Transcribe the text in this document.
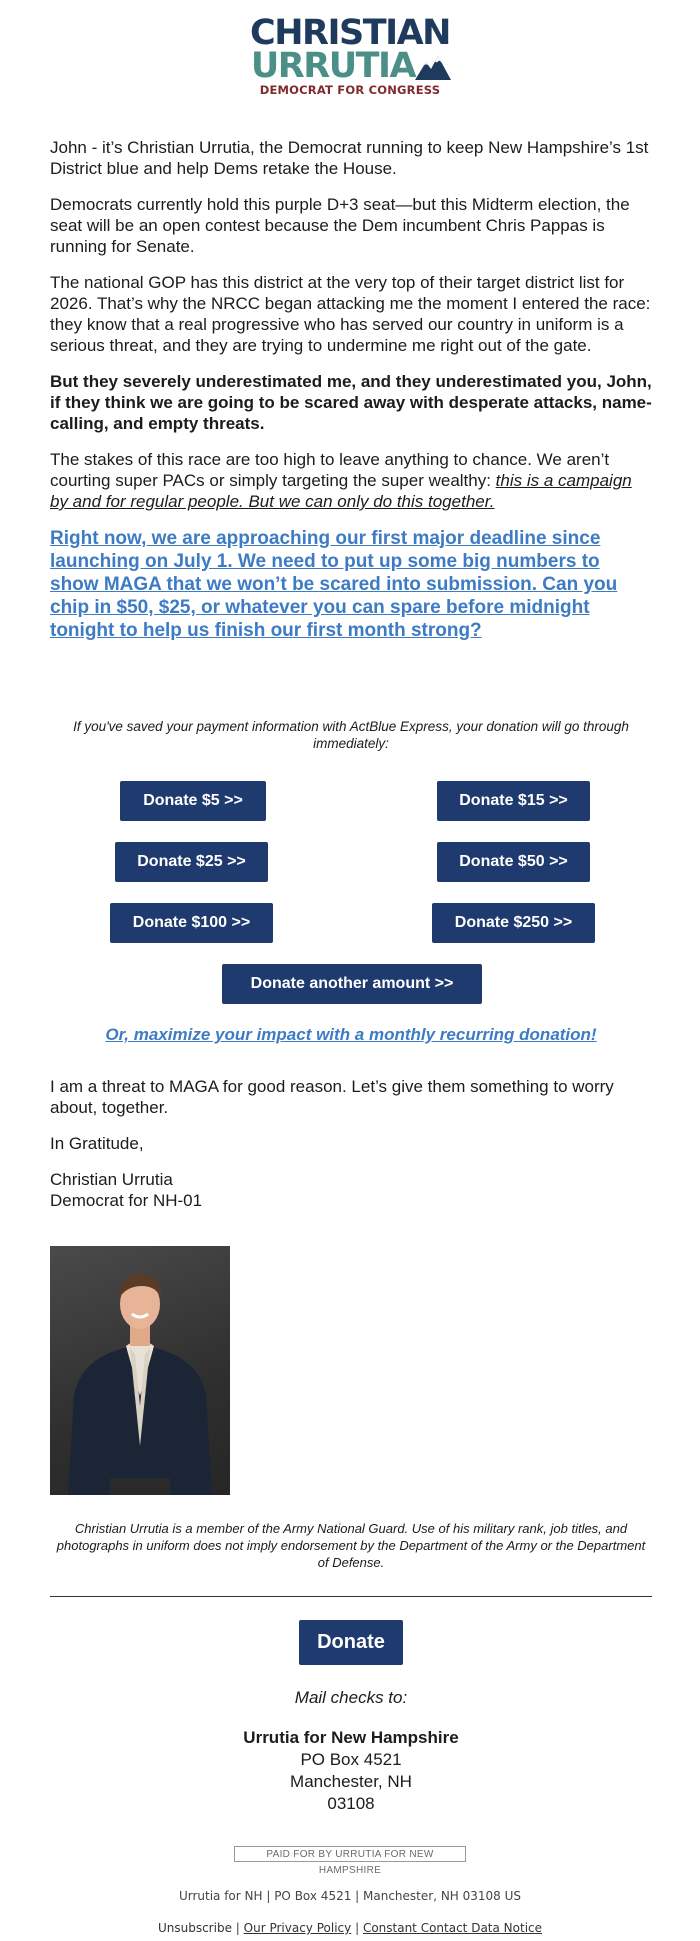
CHRISTIAN
URRUTIA
DEMOCRAT FOR CONGRESS

John - it’s Christian Urrutia, the Democrat running to keep New Hampshire’s 1st District blue and help Dems retake the House.

Democrats currently hold this purple D+3 seat—but this Midterm election, the seat will be an open contest because the Dem incumbent Chris Pappas is running for Senate.

The national GOP has this district at the very top of their target district list for 2026. That’s why the NRCC began attacking me the moment I entered the race: they know that a real progressive who has served our country in uniform is a serious threat, and they are trying to undermine me right out of the gate.

But they severely underestimated me, and they underestimated you, John, if they think we are going to be scared away with desperate attacks, name-calling, and empty threats.

The stakes of this race are too high to leave anything to chance. We aren’t courting super PACs or simply targeting the super wealthy: this is a campaign by and for regular people. But we can only do this together.

Right now, we are approaching our first major deadline since launching on July 1. We need to put up some big numbers to show MAGA that we won’t be scared into submission. Can you chip in $50, $25, or whatever you can spare before midnight tonight to help us finish our first month strong?
If you've saved your payment information with ActBlue Express, your donation will go through immediately:
Donate $5 >>	Donate $15 >>
Donate $25 >>	Donate $50 >>
Donate $100 >>	Donate $250 >>
Donate another amount >>
Or, maximize your impact with a monthly recurring donation!

I am a threat to MAGA for good reason. Let’s give them something to worry about, together.

In Gratitude,

Christian Urrutia
Democrat for NH-01

Christian Urrutia is a member of the Army National Guard. Use of his military rank, job titles, and photographs in uniform does not imply endorsement by the Department of the Army or the Department of Defense.
Donate
Mail checks to:
Urrutia for New Hampshire
PO Box 4521
Manchester, NH
03108
PAID FOR BY URRUTIA FOR NEW HAMPSHIRE
Urrutia for NH | PO Box 4521 | Manchester, NH 03108 US
Unsubscribe | Our Privacy Policy | Constant Contact Data Notice
